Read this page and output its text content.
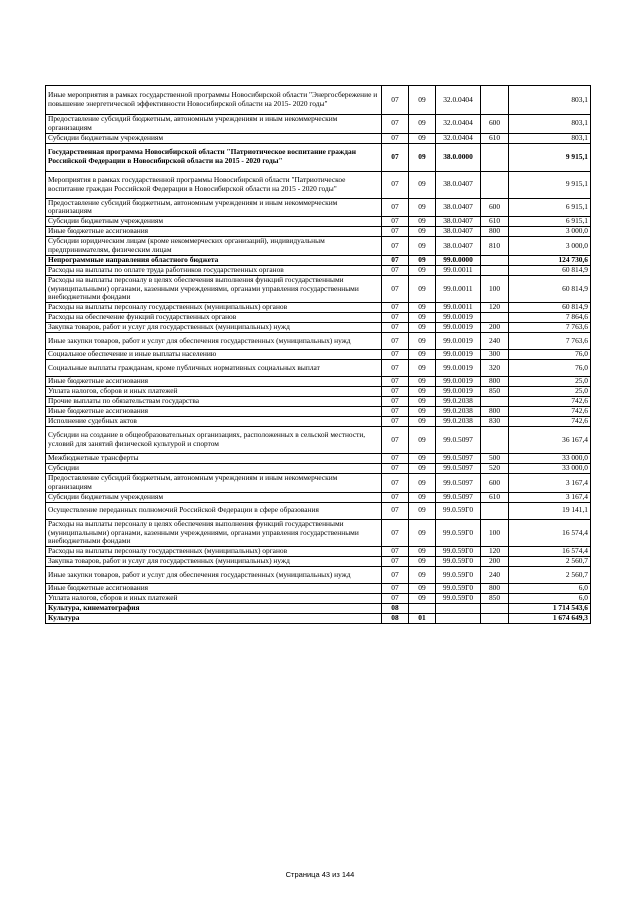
Иные мероприятия в рамках государственной программы Новосибирской области "Энергосбережение и повышение энергетической эффективности Новосибирской области на 2015- 2020 годы"	07	09	32.0.0404		803,1
Предоставление субсидий бюджетным, автономным учреждениям и иным некоммерческим организациям	07	09	32.0.0404	600	803,1
Субсидии бюджетным учреждениям	07	09	32.0.0404	610	803,1
Государственная программа Новосибирской области "Патриотическое воспитание граждан Российской Федерации в Новосибирской области на 2015 - 2020 годы"	07	09	38.0.0000		9 915,1
Мероприятия в рамках государственной программы Новосибирской области "Патриотическое воспитание граждан Российской Федерации в Новосибирской области на 2015 - 2020 годы"	07	09	38.0.0407		9 915,1
Предоставление субсидий бюджетным, автономным учреждениям и иным некоммерческим организациям	07	09	38.0.0407	600	6 915,1
Субсидии бюджетным учреждениям	07	09	38.0.0407	610	6 915,1
Иные бюджетные ассигнования	07	09	38.0.0407	800	3 000,0
Субсидии юридическим лицам (кроме некоммерческих организаций), индивидуальным предпринимателям, физическим лицам	07	09	38.0.0407	810	3 000,0
Непрограммные направления областного бюджета	07	09	99.0.0000		124 730,6
Расходы на выплаты по оплате труда работников государственных органов	07	09	99.0.0011		60 814,9
Расходы на выплаты персоналу в целях обеспечения выполнения функций государственными (муниципальными) органами, казенными учреждениями, органами управления государственными внебюджетными фондами	07	09	99.0.0011	100	60 814,9
Расходы на выплаты персоналу государственных (муниципальных) органов	07	09	99.0.0011	120	60 814,9
Расходы на обеспечение функций государственных органов	07	09	99.0.0019		7 864,6
Закупка товаров, работ и услуг для государственных (муниципальных) нужд	07	09	99.0.0019	200	7 763,6
Иные закупки товаров, работ и услуг для обеспечения государственных (муниципальных) нужд	07	09	99.0.0019	240	7 763,6
Социальное обеспечение и иные выплаты населению	07	09	99.0.0019	300	76,0
Социальные выплаты гражданам, кроме публичных нормативных социальных выплат	07	09	99.0.0019	320	76,0
Иные бюджетные ассигнования	07	09	99.0.0019	800	25,0
Уплата налогов, сборов и иных платежей	07	09	99.0.0019	850	25,0
Прочие выплаты по обязательствам государства	07	09	99.0.2038		742,6
Иные бюджетные ассигнования	07	09	99.0.2038	800	742,6
Исполнение судебных актов	07	09	99.0.2038	830	742,6
Субсидии на создание в общеобразовательных организациях, расположенных в сельской местности, условий для занятий физической культурой и спортом	07	09	99.0.5097		36 167,4
Межбюджетные трансферты	07	09	99.0.5097	500	33 000,0
Субсидии	07	09	99.0.5097	520	33 000,0
Предоставление субсидий бюджетным, автономным учреждениям и иным некоммерческим организациям	07	09	99.0.5097	600	3 167,4
Субсидии бюджетным учреждениям	07	09	99.0.5097	610	3 167,4
Осуществление переданных полномочий Российской Федерации в сфере образования	07	09	99.0.59Г0		19 141,1
Расходы на выплаты персоналу в целях обеспечения выполнения функций государственными (муниципальными) органами, казенными учреждениями, органами управления государственными внебюджетными фондами	07	09	99.0.59Г0	100	16 574,4
Расходы на выплаты персоналу государственных (муниципальных) органов	07	09	99.0.59Г0	120	16 574,4
Закупка товаров, работ и услуг для государственных (муниципальных) нужд	07	09	99.0.59Г0	200	2 560,7
Иные закупки товаров, работ и услуг для обеспечения государственных (муниципальных) нужд	07	09	99.0.59Г0	240	2 560,7
Иные бюджетные ассигнования	07	09	99.0.59Г0	800	6,0
Уплата налогов, сборов и иных платежей	07	09	99.0.59Г0	850	6,0
Культура, кинематография	08				1 714 543,6
Культура	08	01			1 674 649,3
Страница 43 из 144
